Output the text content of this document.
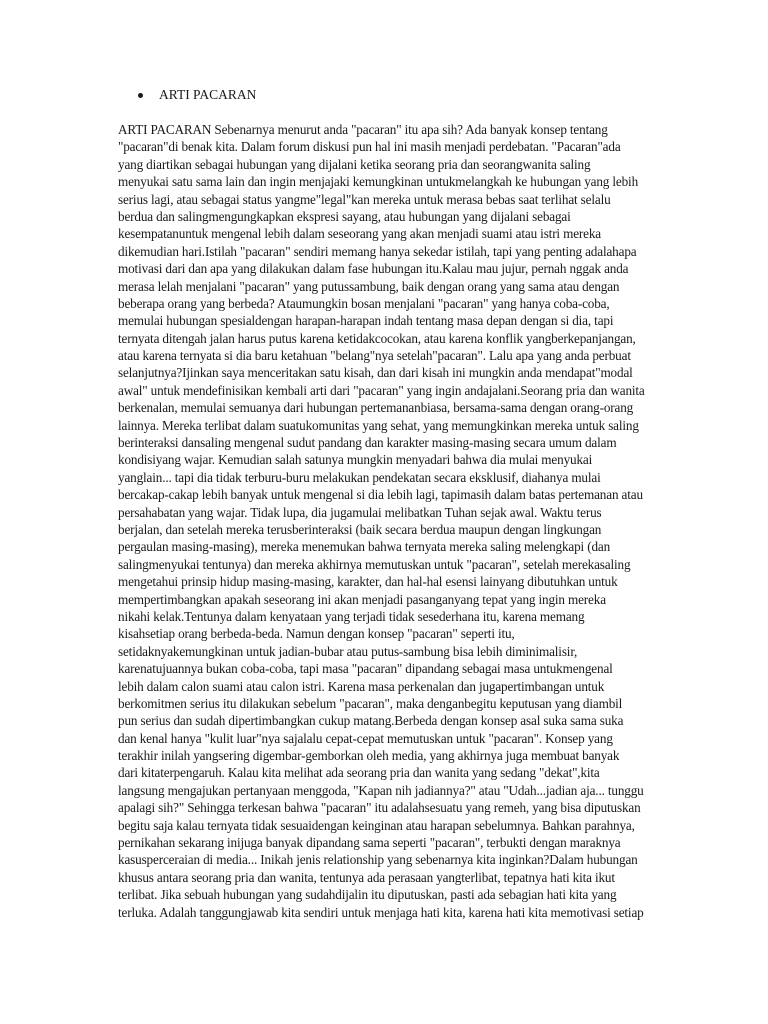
ARTI PACARAN
ARTI PACARAN Sebenarnya menurut anda "pacaran" itu apa sih? Ada banyak konsep tentang
"pacaran"di benak kita. Dalam forum diskusi pun hal ini masih menjadi perdebatan. "Pacaran"ada
yang diartikan sebagai hubungan yang dijalani ketika seorang pria dan seorangwanita saling
menyukai satu sama lain dan ingin menjajaki kemungkinan untukmelangkah ke hubungan yang lebih
serius lagi, atau sebagai status yangme"legal"kan mereka untuk merasa bebas saat terlihat selalu
berdua dan salingmengungkapkan ekspresi sayang, atau hubungan yang dijalani sebagai
kesempatanuntuk mengenal lebih dalam seseorang yang akan menjadi suami atau istri mereka
dikemudian hari.Istilah "pacaran" sendiri memang hanya sekedar istilah, tapi yang penting adalahapa
motivasi dari dan apa yang dilakukan dalam fase hubungan itu.Kalau mau jujur, pernah nggak anda
merasa lelah menjalani "pacaran" yang putussambung, baik dengan orang yang sama atau dengan
beberapa orang yang berbeda? Ataumungkin bosan menjalani "pacaran" yang hanya coba-coba,
memulai hubungan spesialdengan harapan-harapan indah tentang masa depan dengan si dia, tapi
ternyata ditengah jalan harus putus karena ketidakcocokan, atau karena konflik yangberkepanjangan,
atau karena ternyata si dia baru ketahuan "belang"nya setelah"pacaran". Lalu apa yang anda perbuat
selanjutnya?Ijinkan saya menceritakan satu kisah, dan dari kisah ini mungkin anda mendapat"modal
awal" untuk mendefinisikan kembali arti dari "pacaran" yang ingin andajalani.Seorang pria dan wanita
berkenalan, memulai semuanya dari hubungan pertemananbiasa, bersama-sama dengan orang-orang
lainnya. Mereka terlibat dalam suatukomunitas yang sehat, yang memungkinkan mereka untuk saling
berinteraksi dansaling mengenal sudut pandang dan karakter masing-masing secara umum dalam
kondisiyang wajar. Kemudian salah satunya mungkin menyadari bahwa dia mulai menyukai
yanglain... tapi dia tidak terburu-buru melakukan pendekatan secara eksklusif, diahanya mulai
bercakap-cakap lebih banyak untuk mengenal si dia lebih lagi, tapimasih dalam batas pertemanan atau
persahabatan yang wajar. Tidak lupa, dia jugamulai melibatkan Tuhan sejak awal. Waktu terus
berjalan, dan setelah mereka terusberinteraksi (baik secara berdua maupun dengan lingkungan
pergaulan masing-masing), mereka menemukan bahwa ternyata mereka saling melengkapi (dan
salingmenyukai tentunya) dan mereka akhirnya memutuskan untuk "pacaran", setelah merekasaling
mengetahui prinsip hidup masing-masing, karakter, dan hal-hal esensi lainyang dibutuhkan untuk
mempertimbangkan apakah seseorang ini akan menjadi pasanganyang tepat yang ingin mereka
nikahi kelak.Tentunya dalam kenyataan yang terjadi tidak sesederhana itu, karena memang
kisahsetiap orang berbeda-beda. Namun dengan konsep "pacaran" seperti itu,
setidaknyakemungkinan untuk jadian-bubar atau putus-sambung bisa lebih diminimalisir,
karenatujuannya bukan coba-coba, tapi masa "pacaran" dipandang sebagai masa untukmengenal
lebih dalam calon suami atau calon istri. Karena masa perkenalan dan jugapertimbangan untuk
berkomitmen serius itu dilakukan sebelum "pacaran", maka denganbegitu keputusan yang diambil
pun serius dan sudah dipertimbangkan cukup matang.Berbeda dengan konsep asal suka sama suka
dan kenal hanya "kulit luar"nya sajalalu cepat-cepat memutuskan untuk "pacaran". Konsep yang
terakhir inilah yangsering digembar-gemborkan oleh media, yang akhirnya juga membuat banyak
dari kitaterpengaruh. Kalau kita melihat ada seorang pria dan wanita yang sedang "dekat",kita
langsung mengajukan pertanyaan menggoda, "Kapan nih jadiannya?" atau "Udah...jadian aja... tunggu
apalagi sih?" Sehingga terkesan bahwa "pacaran" itu adalahsesuatu yang remeh, yang bisa diputuskan
begitu saja kalau ternyata tidak sesuaidengan keinginan atau harapan sebelumnya. Bahkan parahnya,
pernikahan sekarang inijuga banyak dipandang sama seperti "pacaran", terbukti dengan maraknya
kasusperceraian di media... Inikah jenis relationship yang sebenarnya kita inginkan?Dalam hubungan
khusus antara seorang pria dan wanita, tentunya ada perasaan yangterlibat, tepatnya hati kita ikut
terlibat. Jika sebuah hubungan yang sudahdijalin itu diputuskan, pasti ada sebagian hati kita yang
terluka. Adalah tanggungjawab kita sendiri untuk menjaga hati kita, karena hati kita memotivasi setiap
